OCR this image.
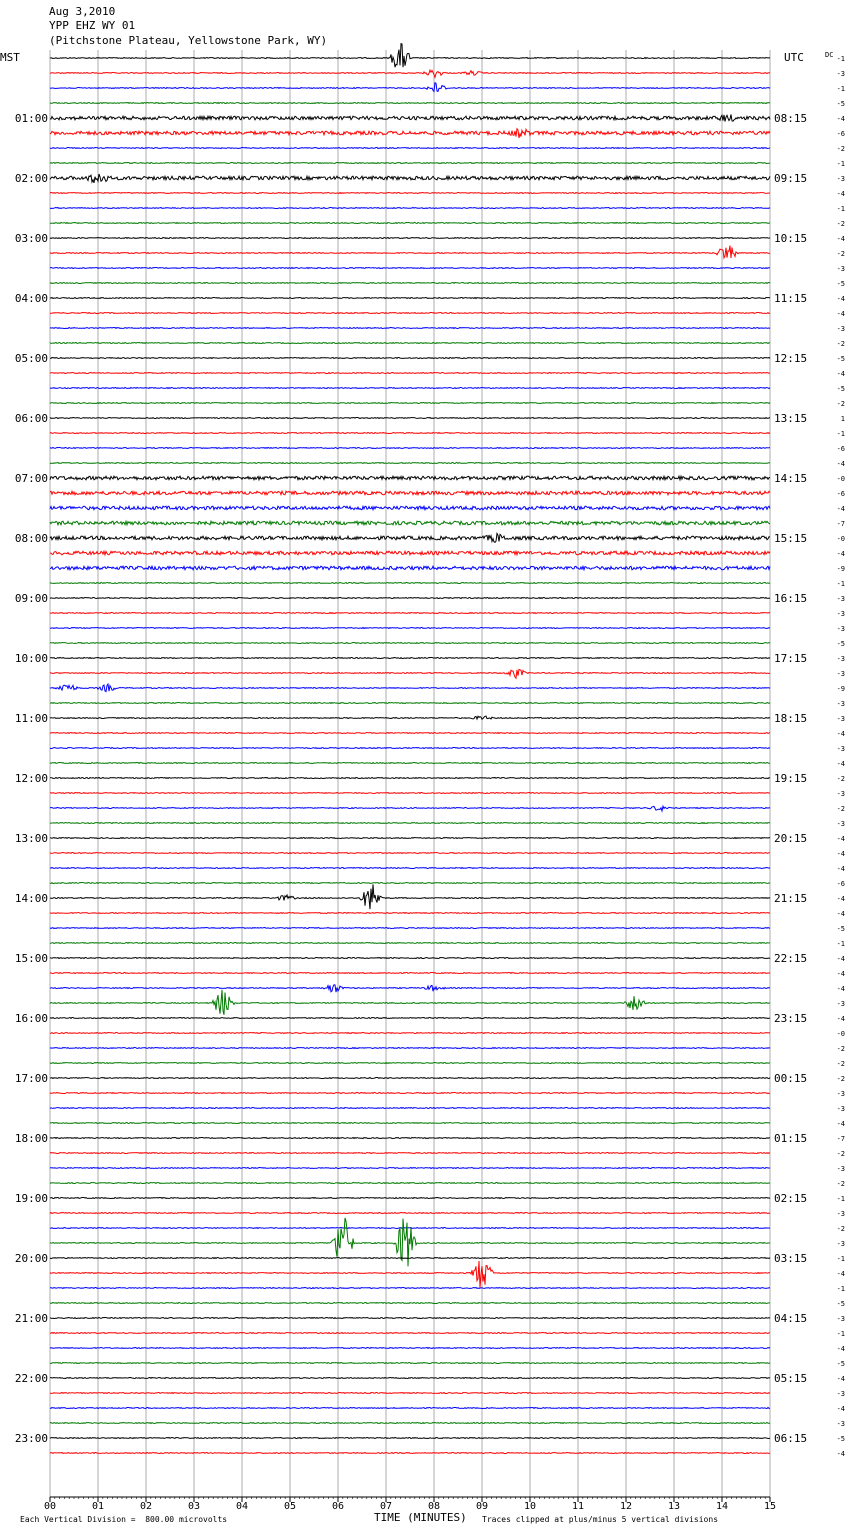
Aug 3,2010
YPP EHZ WY 01
(Pitchstone Plateau, Yellowstone Park, WY)
00	01	02	03	04	05	06	07	08	09	10	11	12	13	14	15
MST	UTC	DC -1
-3
-1
-5
-4
-6
-2
-1
-3
-4
-1
-2
-4
-2
-3
-5
-4
-4
-3
-2
-5
-4
-5
-2
1
-1
-6
-4
-0
-6
-4
-7
-0
-4
-9
-1
-3
-3
-3
-5
-3
-3
-9
-3
-3
-4
-3
-4
-2
-3
-2
-3
-4
-4
-4
-6
-4
-4
-5
-1
-4
-4
-4
-3
-4
-0
-2
-2
-2
-3
-3
-4
-7
-2
-3
-2
-1
-3
-2
-3
-1
-4
-1
-5
-3
-1
-4
-5
-4
-3
-4
-3
-5
-4
01:00
02:00
03:00
04:00
05:00
06:00
07:00
08:00
09:00
10:00
11:00
12:00
13:00
14:00
15:00
16:00
17:00
18:00
19:00
20:00
21:00
22:00
23:00
08:15
09:15
10:15
11:15
12:15
13:15
14:15
15:15
16:15
17:15
18:15
19:15
20:15
21:15
22:15
23:15
00:15
01:15
02:15
03:15
04:15
05:15
06:15
Each Vertical Division =  800.00 microvolts	TIME (MINUTES) Traces clipped at plus/minus 5 vertical divisions
